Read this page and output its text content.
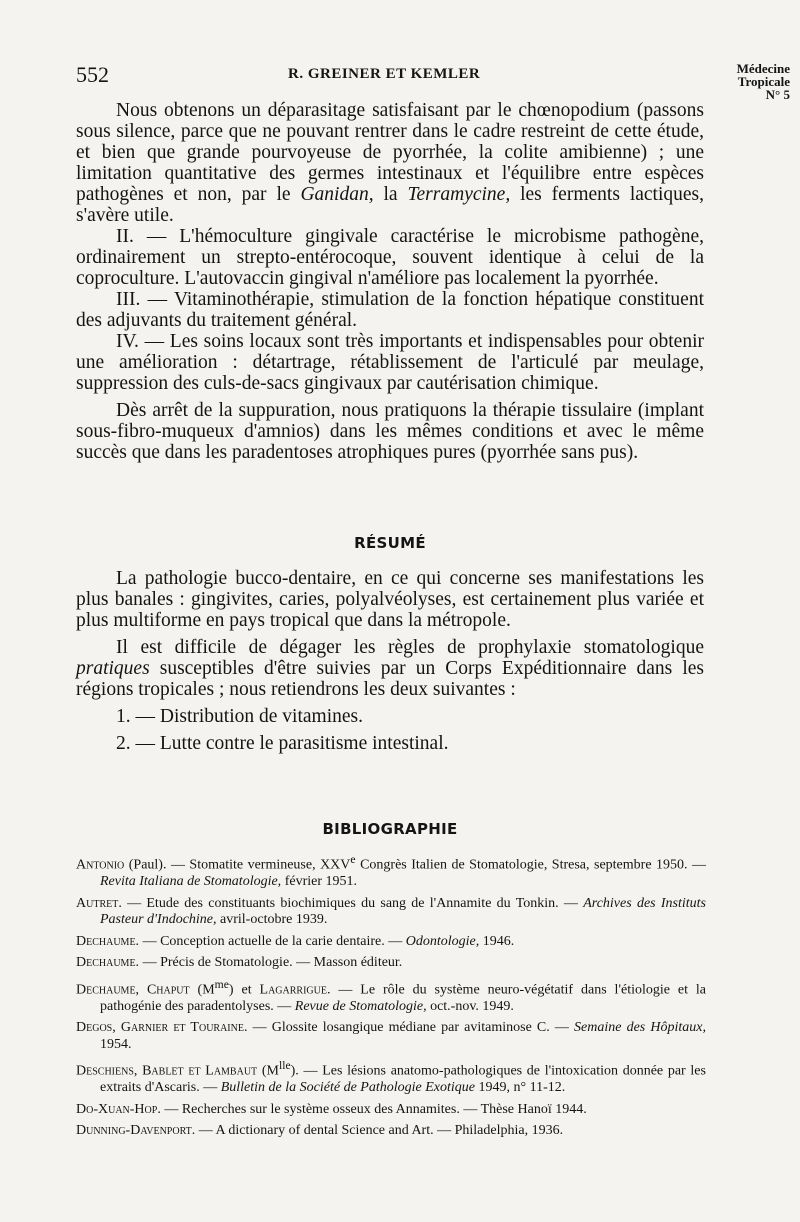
552	R. GREINER ET KEMLER	Médecine
Tropicale
N° 5

Nous obtenons un déparasitage satisfaisant par le chœnopodium (passons sous silence, parce que ne pouvant rentrer dans le cadre restreint de cette étude, et bien que grande pourvoyeuse de pyorrhée, la colite amibienne) ; une limitation quantitative des germes intestinaux et l'équilibre entre espèces pathogènes et non, par le Ganidan, la Terramycine, les ferments lactiques, s'avère utile.

II. — L'hémoculture gingivale caractérise le microbisme pathogène, ordinairement un strepto-entérocoque, souvent identique à celui de la coproculture. L'autovaccin gingival n'améliore pas localement la pyorrhée.

III. — Vitaminothérapie, stimulation de la fonction hépatique constituent des adjuvants du traitement général.

IV. — Les soins locaux sont très importants et indispensables pour obtenir une amélioration : détartrage, rétablissement de l'articulé par meulage, suppression des culs-de-sacs gingivaux par cautérisation chimique.

Dès arrêt de la suppuration, nous pratiquons la thérapie tissulaire (implant sous-fibro-muqueux d'amnios) dans les mêmes conditions et avec le même succès que dans les paradentoses atrophiques pures (pyorrhée sans pus).

RÉSUMÉ

La pathologie bucco-dentaire, en ce qui concerne ses manifestations les plus banales : gingivites, caries, polyalvéolyses, est certainement plus variée et plus multiforme en pays tropical que dans la métropole.

Il est difficile de dégager les règles de prophylaxie stomatologique pratiques susceptibles d'être suivies par un Corps Expéditionnaire dans les régions tropicales ; nous retiendrons les deux suivantes :

1. — Distribution de vitamines.

2. — Lutte contre le parasitisme intestinal.

BIBLIOGRAPHIE

Antonio (Paul). — Stomatite vermineuse, XXVe Congrès Italien de Stomatologie, Stresa, septembre 1950. — Revita Italiana de Stomatologie, février 1951.

Autret. — Etude des constituants biochimiques du sang de l'Annamite du Tonkin. — Archives des Instituts Pasteur d'Indochine, avril-octobre 1939.

Dechaume. — Conception actuelle de la carie dentaire. — Odontologie, 1946.

Dechaume. — Précis de Stomatologie. — Masson éditeur.

Dechaume, Chaput $(M^{me})$ et Lagarrigue. — Le rôle du système neuro-végétatif dans l'étiologie et la pathogénie des paradentolyses. — Revue de Stomatologie, oct.-nov. 1949.

Degos, Garnier et Touraine. — Glossite losangique médiane par avitaminose C. — Semaine des Hôpitaux, 1954.

Deschiens, Bablet et Lambaut $(M^{lle})$. — Les lésions anatomo-pathologiques de l'intoxication donnée par les extraits d'Ascaris. — Bulletin de la Société de Pathologie Exotique 1949, n° 11-12.

Do-Xuan-Hop. — Recherches sur le système osseux des Annamites. — Thèse Hanoï 1944.

Dunning-Davenport. — A dictionary of dental Science and Art. — Philadelphia, 1936.
